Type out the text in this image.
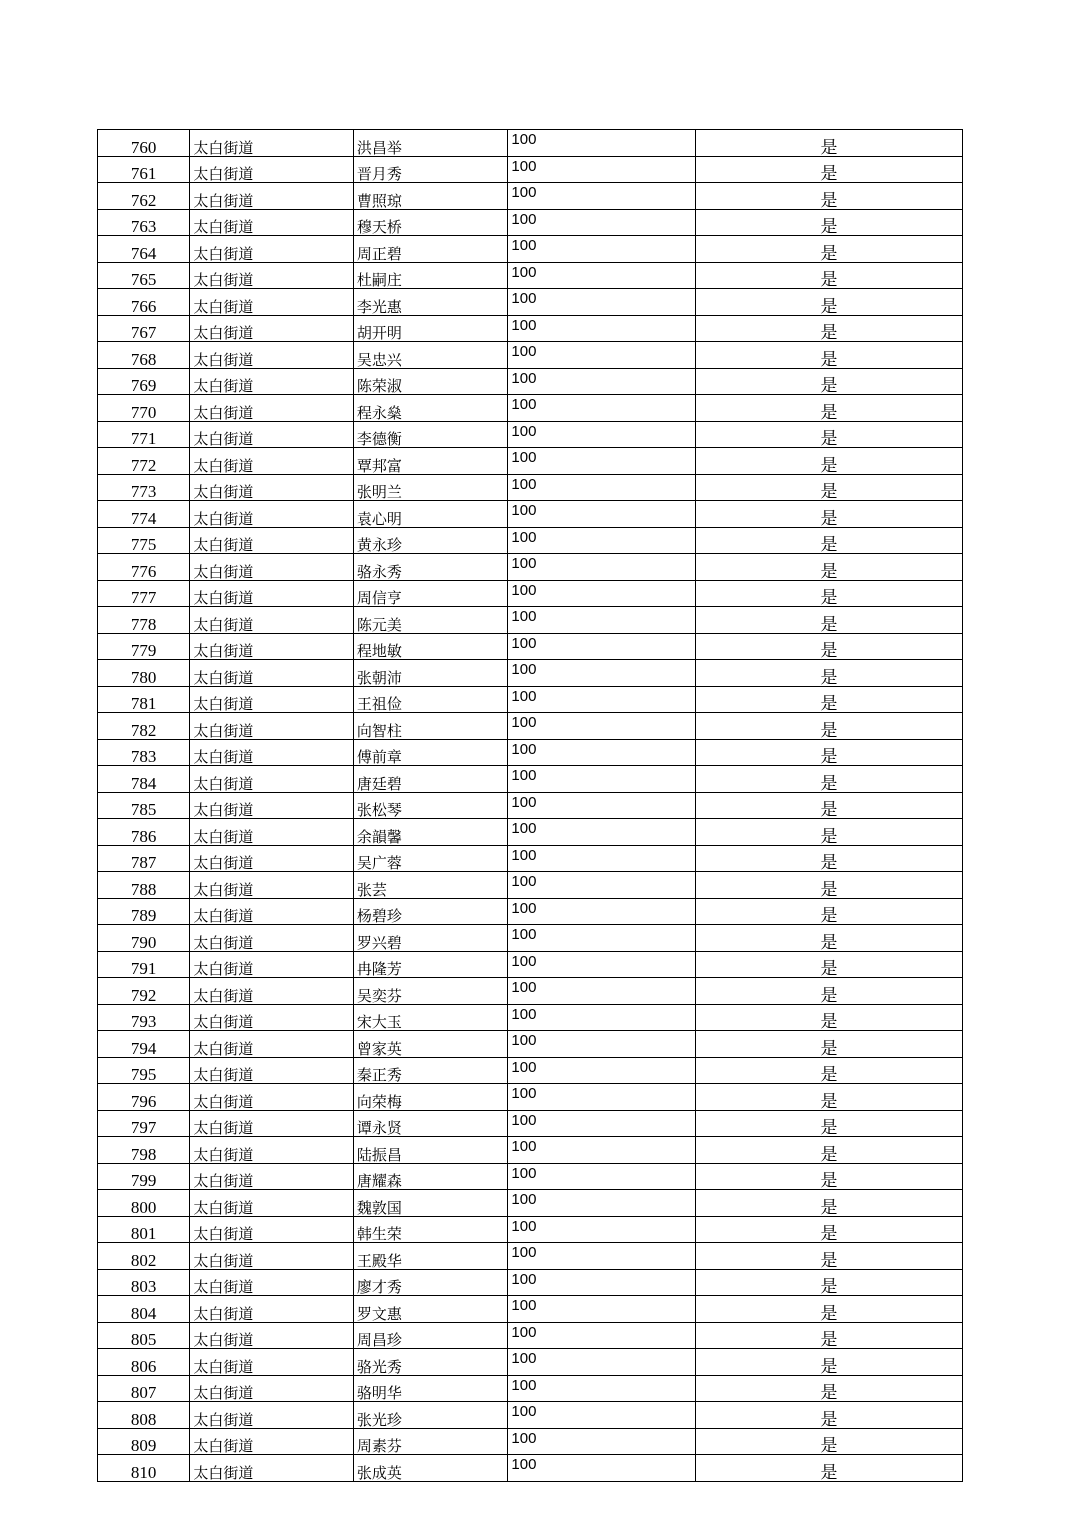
760	太白街道	洪昌举	100	是
761	太白街道	晋月秀	100	是
762	太白街道	曹照琼	100	是
763	太白街道	穆天桥	100	是
764	太白街道	周正碧	100	是
765	太白街道	杜嗣庄	100	是
766	太白街道	李光惠	100	是
767	太白街道	胡开明	100	是
768	太白街道	吴忠兴	100	是
769	太白街道	陈荣淑	100	是
770	太白街道	程永燊	100	是
771	太白街道	李德衡	100	是
772	太白街道	覃邦富	100	是
773	太白街道	张明兰	100	是
774	太白街道	袁心明	100	是
775	太白街道	黄永珍	100	是
776	太白街道	骆永秀	100	是
777	太白街道	周信亨	100	是
778	太白街道	陈元美	100	是
779	太白街道	程地敏	100	是
780	太白街道	张朝沛	100	是
781	太白街道	王祖俭	100	是
782	太白街道	向智柱	100	是
783	太白街道	傅前章	100	是
784	太白街道	唐廷碧	100	是
785	太白街道	张松琴	100	是
786	太白街道	余韻馨	100	是
787	太白街道	吴广蓉	100	是
788	太白街道	张芸	100	是
789	太白街道	杨碧珍	100	是
790	太白街道	罗兴碧	100	是
791	太白街道	冉隆芳	100	是
792	太白街道	吴奕芬	100	是
793	太白街道	宋大玉	100	是
794	太白街道	曾家英	100	是
795	太白街道	秦正秀	100	是
796	太白街道	向荣梅	100	是
797	太白街道	谭永贤	100	是
798	太白街道	陆振昌	100	是
799	太白街道	唐耀森	100	是
800	太白街道	魏敦国	100	是
801	太白街道	韩生荣	100	是
802	太白街道	王殿华	100	是
803	太白街道	廖才秀	100	是
804	太白街道	罗文惠	100	是
805	太白街道	周昌珍	100	是
806	太白街道	骆光秀	100	是
807	太白街道	骆明华	100	是
808	太白街道	张光珍	100	是
809	太白街道	周素芬	100	是
810	太白街道	张成英	100	是
